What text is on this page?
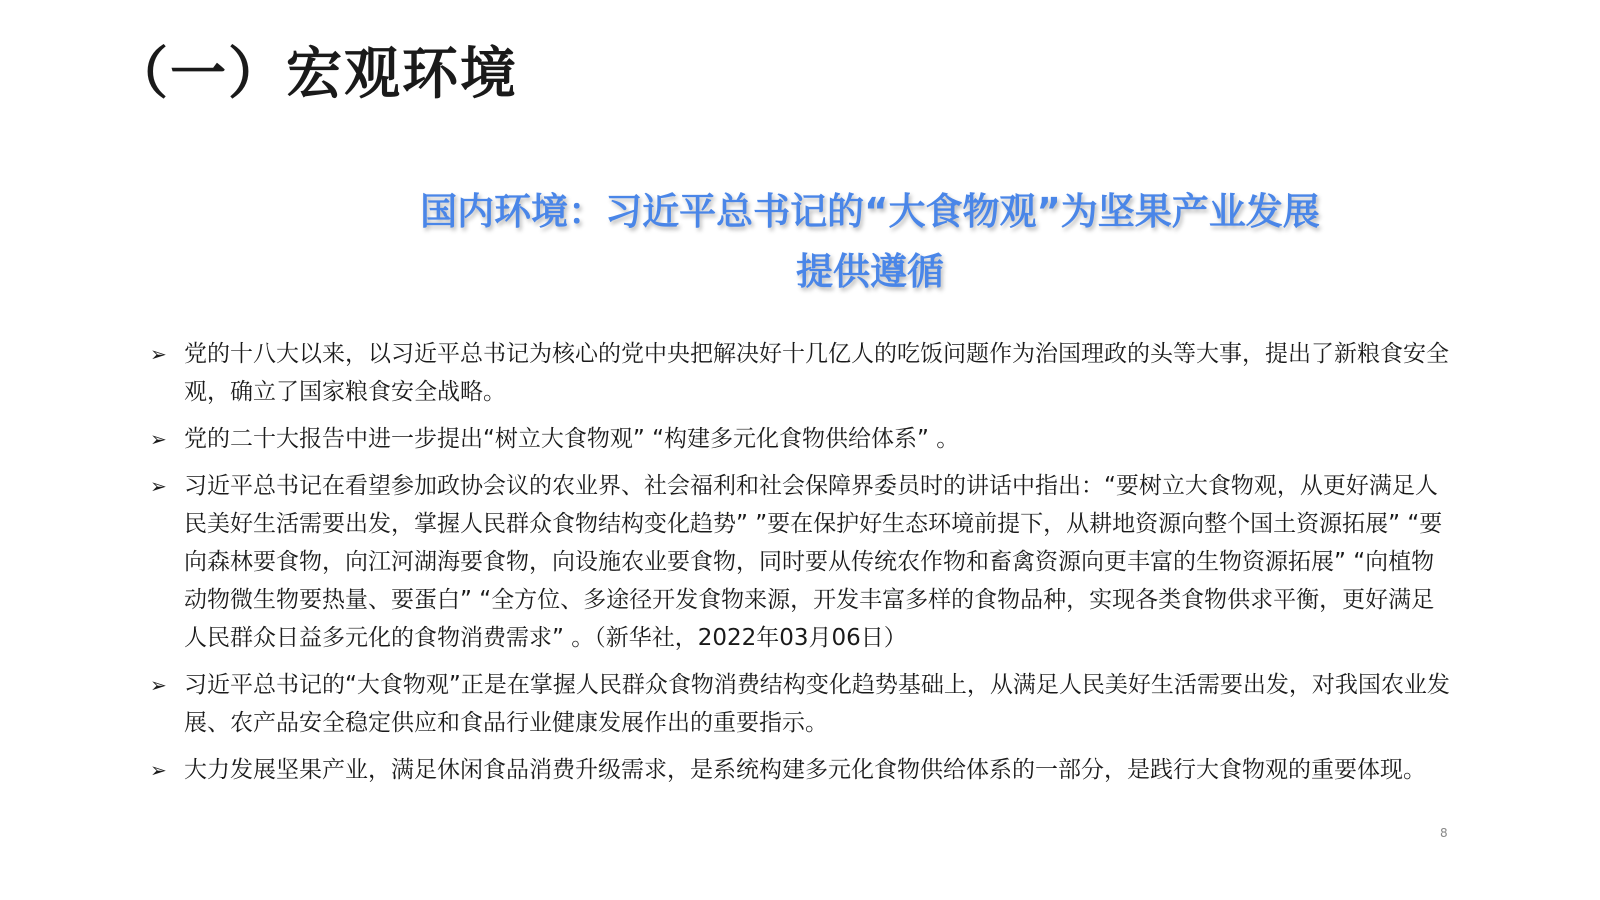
（一）宏观环境
国内环境：习近平总书记的“大食物观”为坚果产业发展
提供遵循
➢ 党的十八大以来，以习近平总书记为核心的党中央把解决好十几亿人的吃饭问题作为治国理政的头等大事，提出了新粮食安全观，确立了国家粮食安全战略。
➢ 党的二十大报告中进一步提出“树立大食物观” “构建多元化食物供给体系” 。
➢ 习近平总书记在看望参加政协会议的农业界、社会福利和社会保障界委员时的讲话中指出：“要树立大食物观，从更好满足人民美好生活需要出发，掌握人民群众食物结构变化趋势” ”要在保护好生态环境前提下，从耕地资源向整个国土资源拓展” “要向森林要食物，向江河湖海要食物，向设施农业要食物，同时要从传统农作物和畜禽资源向更丰富的生物资源拓展” “向植物动物微生物要热量、要蛋白” “全方位、多途径开发食物来源，开发丰富多样的食物品种，实现各类食物供求平衡，更好满足人民群众日益多元化的食物消费需求” 。（新华社，2022年03月06日）
➢ 习近平总书记的“大食物观”正是在掌握人民群众食物消费结构变化趋势基础上，从满足人民美好生活需要出发，对我国农业发展、农产品安全稳定供应和食品行业健康发展作出的重要指示。
➢ 大力发展坚果产业，满足休闲食品消费升级需求，是系统构建多元化食物供给体系的一部分，是践行大食物观的重要体现。
8
